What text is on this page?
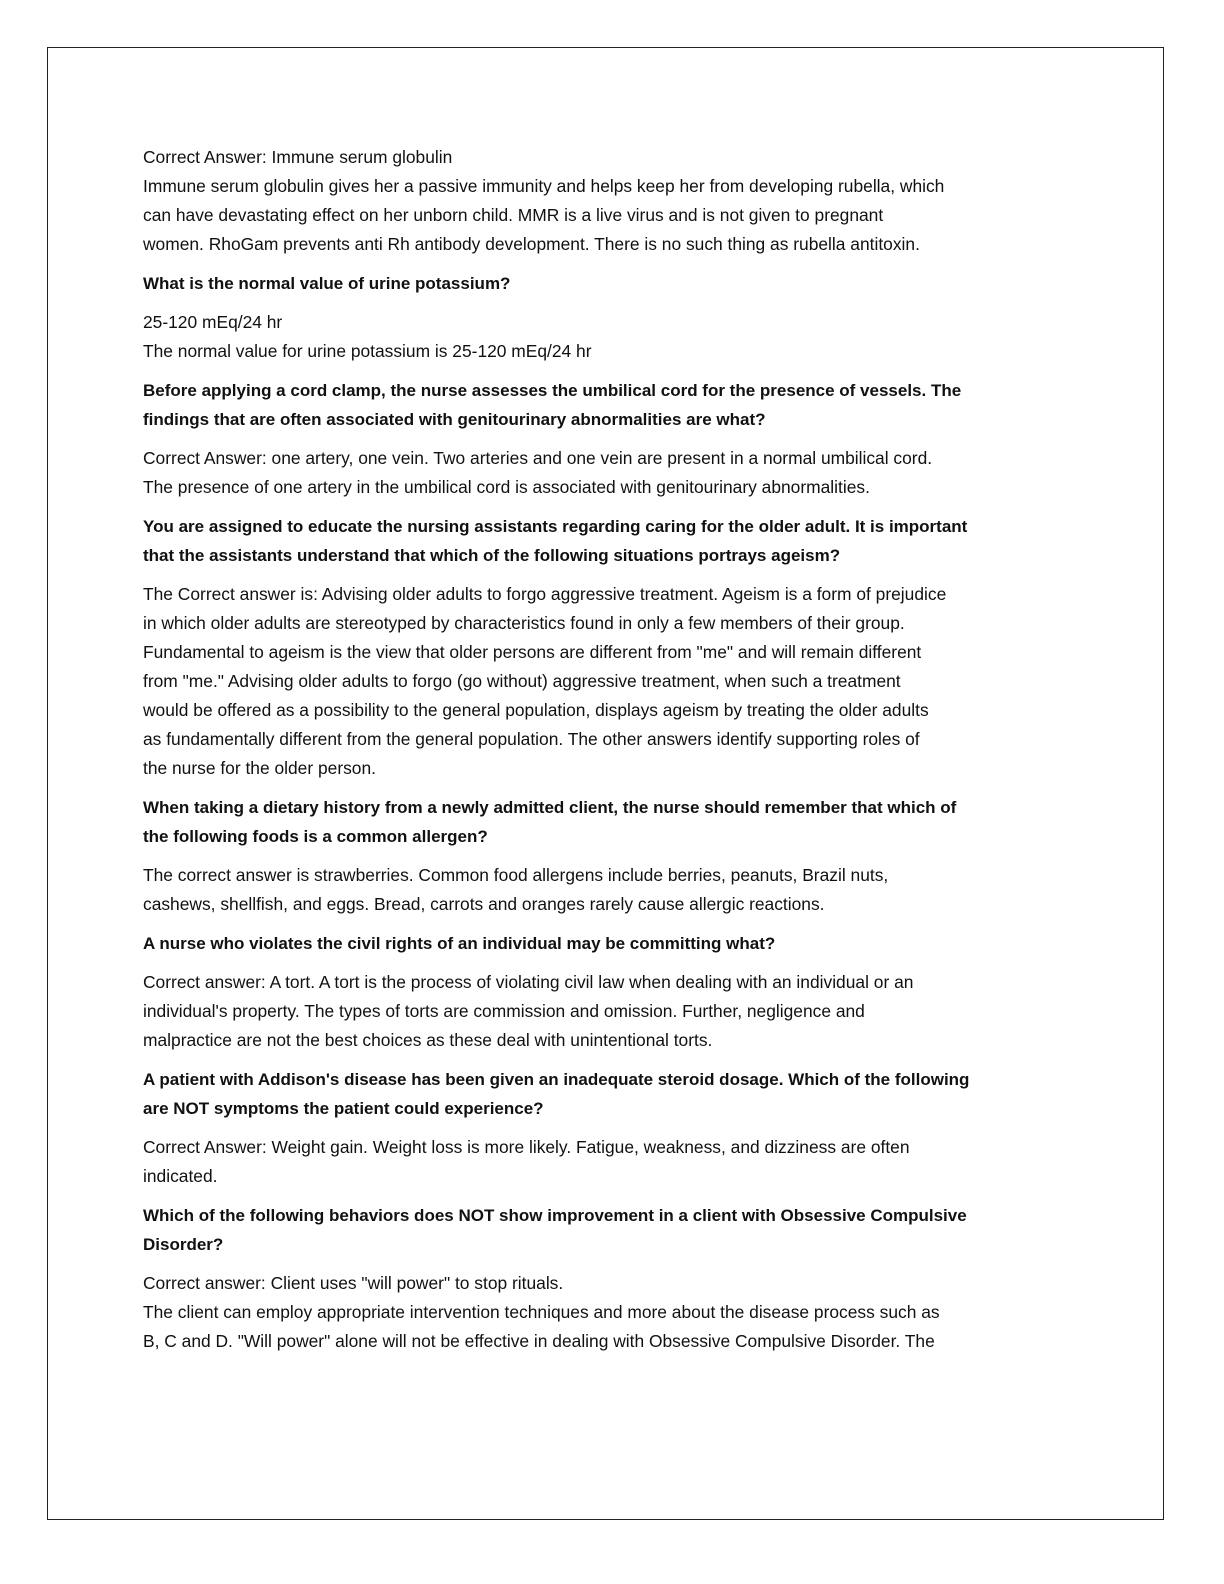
Correct Answer: Immune serum globulin
Immune serum globulin gives her a passive immunity and helps keep her from developing rubella, which
can have devastating effect on her unborn child. MMR is a live virus and is not given to pregnant
women. RhoGam prevents anti Rh antibody development. There is no such thing as rubella antitoxin.

What is the normal value of urine potassium?

25-120 mEq/24 hr
The normal value for urine potassium is 25-120 mEq/24 hr

Before applying a cord clamp, the nurse assesses the umbilical cord for the presence of vessels. The
findings that are often associated with genitourinary abnormalities are what?

Correct Answer: one artery, one vein. Two arteries and one vein are present in a normal umbilical cord.
The presence of one artery in the umbilical cord is associated with genitourinary abnormalities.

You are assigned to educate the nursing assistants regarding caring for the older adult. It is important
that the assistants understand that which of the following situations portrays ageism?

The Correct answer is: Advising older adults to forgo aggressive treatment. Ageism is a form of prejudice
in which older adults are stereotyped by characteristics found in only a few members of their group.
Fundamental to ageism is the view that older persons are different from "me" and will remain different
from "me." Advising older adults to forgo (go without) aggressive treatment, when such a treatment
would be offered as a possibility to the general population, displays ageism by treating the older adults
as fundamentally different from the general population. The other answers identify supporting roles of
the nurse for the older person.

When taking a dietary history from a newly admitted client, the nurse should remember that which of
the following foods is a common allergen?

The correct answer is strawberries. Common food allergens include berries, peanuts, Brazil nuts,
cashews, shellfish, and eggs. Bread, carrots and oranges rarely cause allergic reactions.

A nurse who violates the civil rights of an individual may be committing what?

Correct answer: A tort. A tort is the process of violating civil law when dealing with an individual or an
individual's property. The types of torts are commission and omission. Further, negligence and
malpractice are not the best choices as these deal with unintentional torts.

A patient with Addison's disease has been given an inadequate steroid dosage. Which of the following
are NOT symptoms the patient could experience?

Correct Answer: Weight gain. Weight loss is more likely. Fatigue, weakness, and dizziness are often
indicated.

Which of the following behaviors does NOT show improvement in a client with Obsessive Compulsive
Disorder?

Correct answer: Client uses "will power" to stop rituals.
The client can employ appropriate intervention techniques and more about the disease process such as
B, C and D. "Will power" alone will not be effective in dealing with Obsessive Compulsive Disorder. The
